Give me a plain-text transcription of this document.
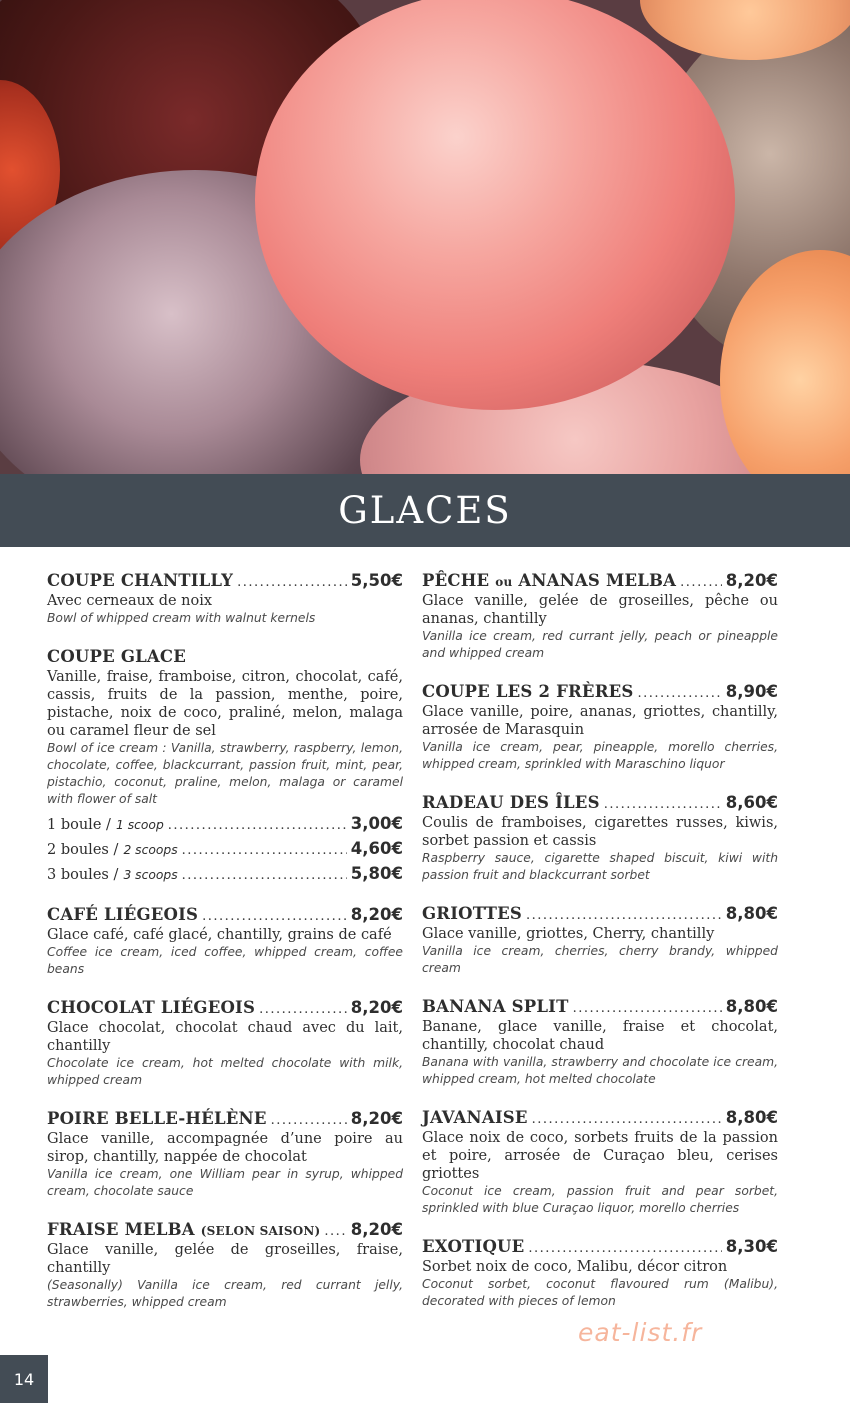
GLACES
COUPE CHANTILLY .....	5,50€
Avec cerneaux de noix
Bowl of whipped cream with walnut kernels
COUPE GLACE
Vanille, fraise, framboise, citron, chocolat, café, cassis, fruits de la passion, menthe, poire, pistache, noix de coco, praliné, melon, malaga ou caramel fleur de sel
Bowl of ice cream : Vanilla, strawberry, raspberry, lemon, chocolate, coffee, blackcurrant, passion fruit, mint, pear, pistachio, coconut, praline, melon, malaga or caramel with flower of salt
1 boule /
1 scoop .....	3,00€
2 boules /
2 scoops .....	4,60€
3 boules /
3 scoops .....	5,80€
CAFÉ LIÉGEOIS .....	8,20€
Glace café, café glacé, chantilly, grains de café
Coffee ice cream, iced coffee, whipped cream, coffee beans
CHOCOLAT LIÉGEOIS .....	8,20€
Glace chocolat, chocolat chaud avec du lait, chantilly
Chocolate ice cream, hot melted chocolate with milk, whipped cream
POIRE BELLE-HÉLÈNE .....	8,20€
Glace vanille, accompagnée d’une poire au sirop, chantilly, nappée de chocolat
Vanilla ice cream, one William pear in syrup, whipped cream, chocolate sauce
FRAISE MELBA (SELON SAISON) ..... 8,20€
Glace vanille, gelée de groseilles, fraise, chantilly
(Seasonally) Vanilla ice cream, red currant jelly, strawberries, whipped cream
PÊCHE ou ANANAS MELBA .....	8,20€
Glace vanille, gelée de groseilles, pêche ou ananas, chantilly
Vanilla ice cream, red currant jelly, peach or pineapple and whipped cream
COUPE LES 2 FRÈRES .....	8,90€
Glace vanille, poire, ananas, griottes, chantilly, arrosée de Marasquin
Vanilla ice cream, pear, pineapple, morello cherries, whipped cream, sprinkled with Maraschino liquor
RADEAU DES ÎLES .....	8,60€
Coulis de framboises, cigarettes russes, kiwis, sorbet passion et cassis
Raspberry sauce, cigarette shaped biscuit, kiwi with passion fruit and blackcurrant sorbet
GRIOTTES .....	8,80€
Glace vanille, griottes, Cherry, chantilly
Vanilla ice cream, cherries, cherry brandy, whipped cream
BANANA SPLIT .....	8,80€
Banane, glace vanille, fraise et chocolat, chantilly, chocolat chaud
Banana with vanilla, strawberry and chocolate ice cream, whipped cream, hot melted chocolate
JAVANAISE .....	8,80€
Glace noix de coco, sorbets fruits de la passion et poire, arrosée de Curaçao bleu, cerises griottes
Coconut ice cream, passion fruit and pear sorbet, sprinkled with blue Curaçao liquor, morello cherries
EXOTIQUE .....	8,30€
Sorbet noix de coco, Malibu, décor citron
Coconut sorbet, coconut flavoured rum (Malibu), decorated with pieces of lemon
14
eat-list.fr
